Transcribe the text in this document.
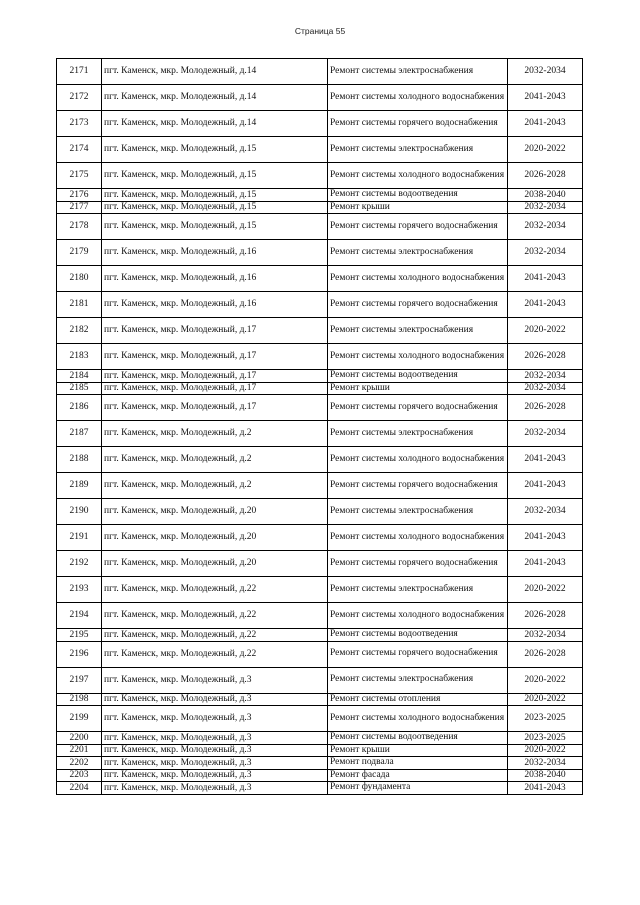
Страница 55
2171	пгт. Каменск, мкр. Молодежный, д.14	Ремонт системы электроснабжения	2032-2034
2172	пгт. Каменск, мкр. Молодежный, д.14	Ремонт системы холодного водоснабжения	2041-2043
2173	пгт. Каменск, мкр. Молодежный, д.14	Ремонт системы горячего водоснабжения	2041-2043
2174	пгт. Каменск, мкр. Молодежный, д.15	Ремонт системы электроснабжения	2020-2022
2175	пгт. Каменск, мкр. Молодежный, д.15	Ремонт системы холодного водоснабжения	2026-2028
2176	пгт. Каменск, мкр. Молодежный, д.15	Ремонт системы водоотведения	2038-2040
2177	пгт. Каменск, мкр. Молодежный, д.15	Ремонт крыши	2032-2034
2178	пгт. Каменск, мкр. Молодежный, д.15	Ремонт системы горячего водоснабжения	2032-2034
2179	пгт. Каменск, мкр. Молодежный, д.16	Ремонт системы электроснабжения	2032-2034
2180	пгт. Каменск, мкр. Молодежный, д.16	Ремонт системы холодного водоснабжения	2041-2043
2181	пгт. Каменск, мкр. Молодежный, д.16	Ремонт системы горячего водоснабжения	2041-2043
2182	пгт. Каменск, мкр. Молодежный, д.17	Ремонт системы электроснабжения	2020-2022
2183	пгт. Каменск, мкр. Молодежный, д.17	Ремонт системы холодного водоснабжения	2026-2028
2184	пгт. Каменск, мкр. Молодежный, д.17	Ремонт системы водоотведения	2032-2034
2185	пгт. Каменск, мкр. Молодежный, д.17	Ремонт крыши	2032-2034
2186	пгт. Каменск, мкр. Молодежный, д.17	Ремонт системы горячего водоснабжения	2026-2028
2187	пгт. Каменск, мкр. Молодежный, д.2	Ремонт системы электроснабжения	2032-2034
2188	пгт. Каменск, мкр. Молодежный, д.2	Ремонт системы холодного водоснабжения	2041-2043
2189	пгт. Каменск, мкр. Молодежный, д.2	Ремонт системы горячего водоснабжения	2041-2043
2190	пгт. Каменск, мкр. Молодежный, д.20	Ремонт системы электроснабжения	2032-2034
2191	пгт. Каменск, мкр. Молодежный, д.20	Ремонт системы холодного водоснабжения	2041-2043
2192	пгт. Каменск, мкр. Молодежный, д.20	Ремонт системы горячего водоснабжения	2041-2043
2193	пгт. Каменск, мкр. Молодежный, д.22	Ремонт системы электроснабжения	2020-2022
2194	пгт. Каменск, мкр. Молодежный, д.22	Ремонт системы холодного водоснабжения	2026-2028
2195	пгт. Каменск, мкр. Молодежный, д.22	Ремонт системы водоотведения	2032-2034
2196	пгт. Каменск, мкр. Молодежный, д.22	Ремонт системы горячего водоснабжения	2026-2028
2197	пгт. Каменск, мкр. Молодежный, д.3	Ремонт системы электроснабжения	2020-2022
2198	пгт. Каменск, мкр. Молодежный, д.3	Ремонт системы отопления	2020-2022
2199	пгт. Каменск, мкр. Молодежный, д.3	Ремонт системы холодного водоснабжения	2023-2025
2200	пгт. Каменск, мкр. Молодежный, д.3	Ремонт системы водоотведения	2023-2025
2201	пгт. Каменск, мкр. Молодежный, д.3	Ремонт крыши	2020-2022
2202	пгт. Каменск, мкр. Молодежный, д.3	Ремонт подвала	2032-2034
2203	пгт. Каменск, мкр. Молодежный, д.3	Ремонт фасада	2038-2040
2204	пгт. Каменск, мкр. Молодежный, д.3	Ремонт фундамента	2041-2043
